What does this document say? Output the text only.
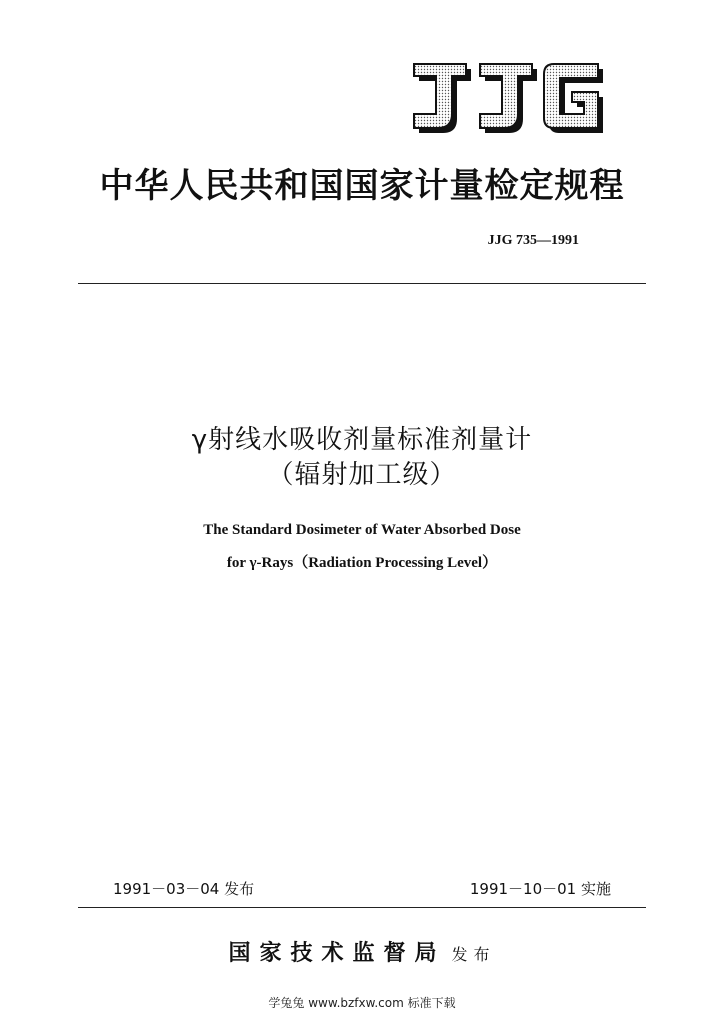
中华人民共和国国家计量检定规程
JJG 735—1991
γ射线水吸收剂量标准剂量计
（辐射加工级）
The Standard Dosimeter of Water Absorbed Dose
for γ-Rays（Radiation Processing Level）
1991－03－04 发布	1991－10－01 实施
国家技术监督局 发布
学兔兔 www.bzfxw.com 标准下载
